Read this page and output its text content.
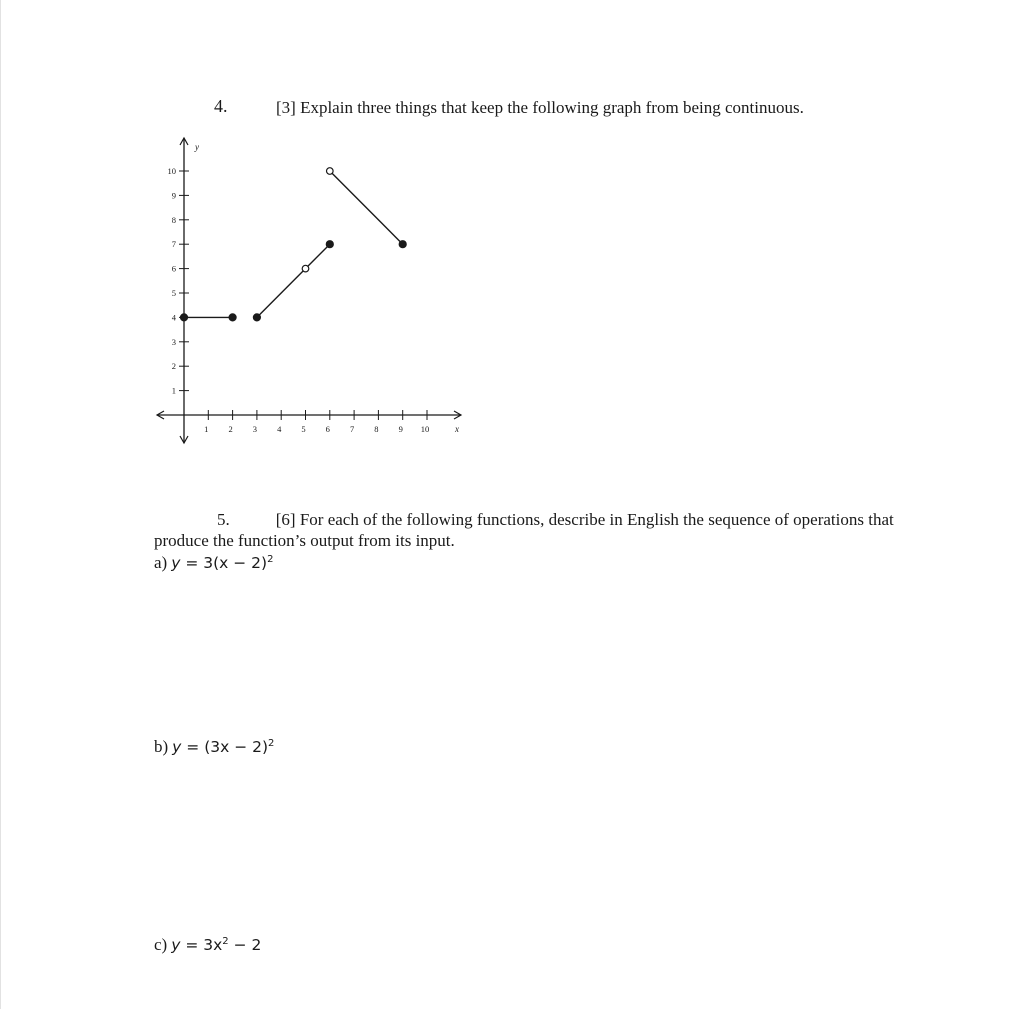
4.	[3] Explain three things that keep the following graph from being continuous.
y
x
1 2 3 4 5 6 7 8 9 10
1
2
3
4
5
6
7
8
9
10
5.	[6] For each of the following functions, describe in English the sequence of operations that
produce the function’s output from its input.
a) $y = 3(x - 2)^2$
b) $y = (3x - 2)^2$
c) $y = 3x^2 - 2$
